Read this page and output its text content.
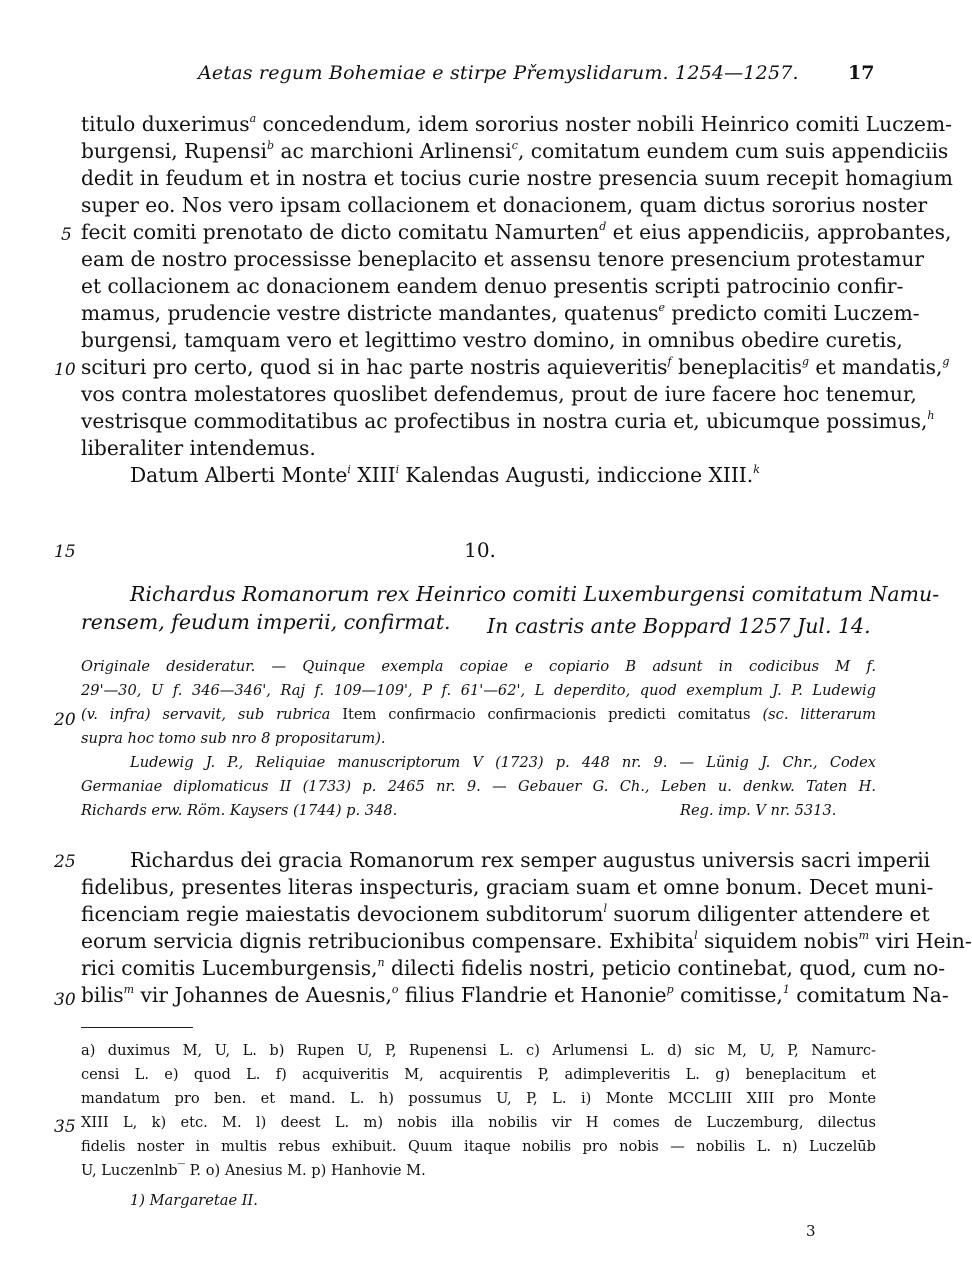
Aetas regum Bohemiae e stirpe Přemyslidarum. 1254—1257.	17
titulo duxerimus$^a$ concedendum, idem sororius noster nobili Heinrico comiti Luczem-
burgensi, Rupensi$^b$ ac marchioni Arlinensi$^c$, comitatum eundem cum suis appendiciis
dedit in feudum et in nostra et tocius curie nostre presencia suum recepit homagium
super eo. Nos vero ipsam collacionem et donacionem, quam dictus sororius noster
fecit comiti prenotato de dicto comitatu Namurten$^d$ et eius appendiciis, approbantes,
eam de nostro processisse beneplacito et assensu tenore presencium protestamur
et collacionem ac donacionem eandem denuo presentis scripti patrocinio confir-
mamus, prudencie vestre districte mandantes, quatenus$^e$ predicto comiti Luczem-
burgensi, tamquam vero et legittimo vestro domino, in omnibus obedire curetis,
scituri pro certo, quod si in hac parte nostris aquieveritis$^f$ beneplacitis$^g$ et mandatis,$^g$
vos contra molestatores quoslibet defendemus, prout de iure facere hoc tenemur,
vestrisque commoditatibus ac profectibus in nostra curia et, ubicumque possimus,$^h$
liberaliter intendemus.
Datum Alberti Monte$^i$ XIII$^i$ Kalendas Augusti, indiccione XIII.$^k$
5
10
15
20
25
30
35
10.
Richardus Romanorum rex Heinrico comiti Luxemburgensi comitatum Namu-
rensem, feudum imperii, confirmat. In castris ante Boppard 1257 Jul. 14.
Originale desideratur. — Quinque exempla copiae e copiario B adsunt in codicibus M f.
29'—30, U f. 346—346', Raj f. 109—109', P f. 61'—62', L deperdito, quod exemplum J. P. Ludewig
(v. infra) servavit, sub rubrica Item confirmacio confirmacionis predicti comitatus (sc. litterarum
supra hoc tomo sub nro 8 propositarum).
Ludewig J. P., Reliquiae manuscriptorum V (1723) p. 448 nr. 9. — Lünig J. Chr., Codex
Germaniae diplomaticus II (1733) p. 2465 nr. 9. — Gebauer G. Ch., Leben u. denkw. Taten H.
Richards erw. Röm. Kaysers (1744) p. 348.	Reg. imp. V nr. 5313.
Richardus dei gracia Romanorum rex semper augustus universis sacri imperii
fidelibus, presentes literas inspecturis, graciam suam et omne bonum. Decet muni-
ficenciam regie maiestatis devocionem subditorum$^l$ suorum diligenter attendere et
eorum servicia dignis retribucionibus compensare. Exhibita$^l$ siquidem nobis$^m$ viri Hein-
rici comitis Lucemburgensis,$^n$ dilecti fidelis nostri, peticio continebat, quod, cum no-
bilis$^m$ vir Johannes de Auesnis,$^o$ filius Flandrie et Hanonie$^p$ comitisse,$^1$ comitatum Na-
a) duximus M, U, L. b) Rupen U, P, Rupenensi L. c) Arlumensi L. d) sic M, U, P, Namurc-
censi L. e) quod L. f) acquiveritis M, acquirentis P, adimpleveritis L. g) beneplacitum et
mandatum pro ben. et mand. L. h) possumus U, P, L. i) Monte MCCLIII XIII pro Monte
XIII L, k) etc. M. l) deest L. m) nobis illa nobilis vir H comes de Luczemburg, dilectus
fidelis noster in multis rebus exhibuit. Quum itaque nobilis pro nobis — nobilis L. n) Luczelūb
U, Luczenlnb‾ P. o) Anesius M. p) Hanhovie M.
1) Margaretae II.
3
